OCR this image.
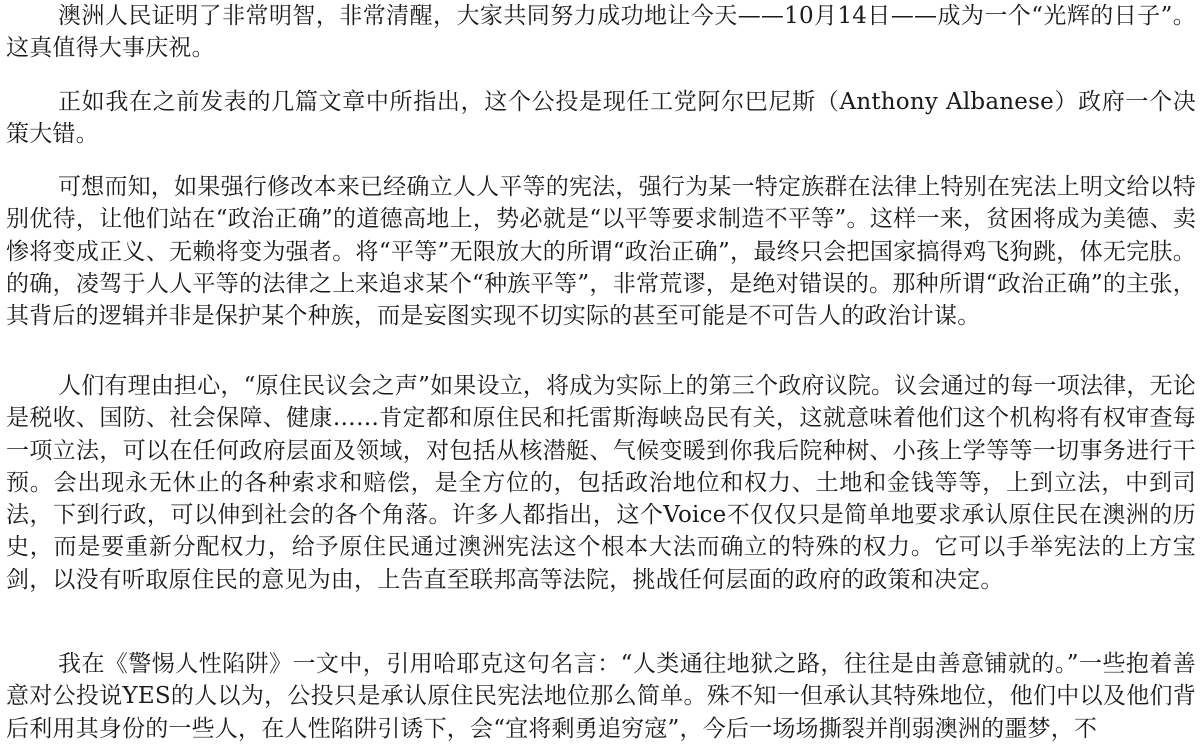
澳洲人民证明了非常明智，非常清醒，大家共同努力成功地让今天——10月14日——成为一个“光辉的日子”。这真值得大事庆祝。

正如我在之前发表的几篇文章中所指出，这个公投是现任工党阿尔巴尼斯（Anthony Albanese）政府一个决策大错。

可想而知，如果强行修改本来已经确立人人平等的宪法，强行为某一特定族群在法律上特别在宪法上明文给以特别优待，让他们站在“政治正确”的道德高地上，势必就是“以平等要求制造不平等”。这样一来，贫困将成为美德、卖惨将变成正义、无赖将变为强者。将“平等”无限放大的所谓“政治正确”，最终只会把国家搞得鸡飞狗跳，体无完肤。的确，凌驾于人人平等的法律之上来追求某个“种族平等”，非常荒谬，是绝对错误的。那种所谓“政治正确”的主张，其背后的逻辑并非是保护某个种族，而是妄图实现不切实际的甚至可能是不可告人的政治计谋。

人们有理由担心，“原住民议会之声”如果设立，将成为实际上的第三个政府议院。议会通过的每一项法律，无论是税收、国防、社会保障、健康……肯定都和原住民和托雷斯海峡岛民有关，这就意味着他们这个机构将有权审查每一项立法，可以在任何政府层面及领域，对包括从核潜艇、气候变暖到你我后院种树、小孩上学等等一切事务进行干预。会出现永无休止的各种索求和赔偿，是全方位的，包括政治地位和权力、土地和金钱等等，上到立法，中到司法，下到行政，可以伸到社会的各个角落。许多人都指出，这个Voice不仅仅只是简单地要求承认原住民在澳洲的历史，而是要重新分配权力，给予原住民通过澳洲宪法这个根本大法而确立的特殊的权力。它可以手举宪法的上方宝剑，以没有听取原住民的意见为由，上告直至联邦高等法院，挑战任何层面的政府的政策和决定。

我在《警惕人性陷阱》一文中，引用哈耶克这句名言：“人类通往地狱之路，往往是由善意铺就的。”一些抱着善意对公投说YES的人以为，公投只是承认原住民宪法地位那么简单。殊不知一但承认其特殊地位，他们中以及他们背后利用其身份的一些人，在人性陷阱引诱下，会“宜将剩勇追穷寇”，今后一场场撕裂并削弱澳洲的噩梦，不
